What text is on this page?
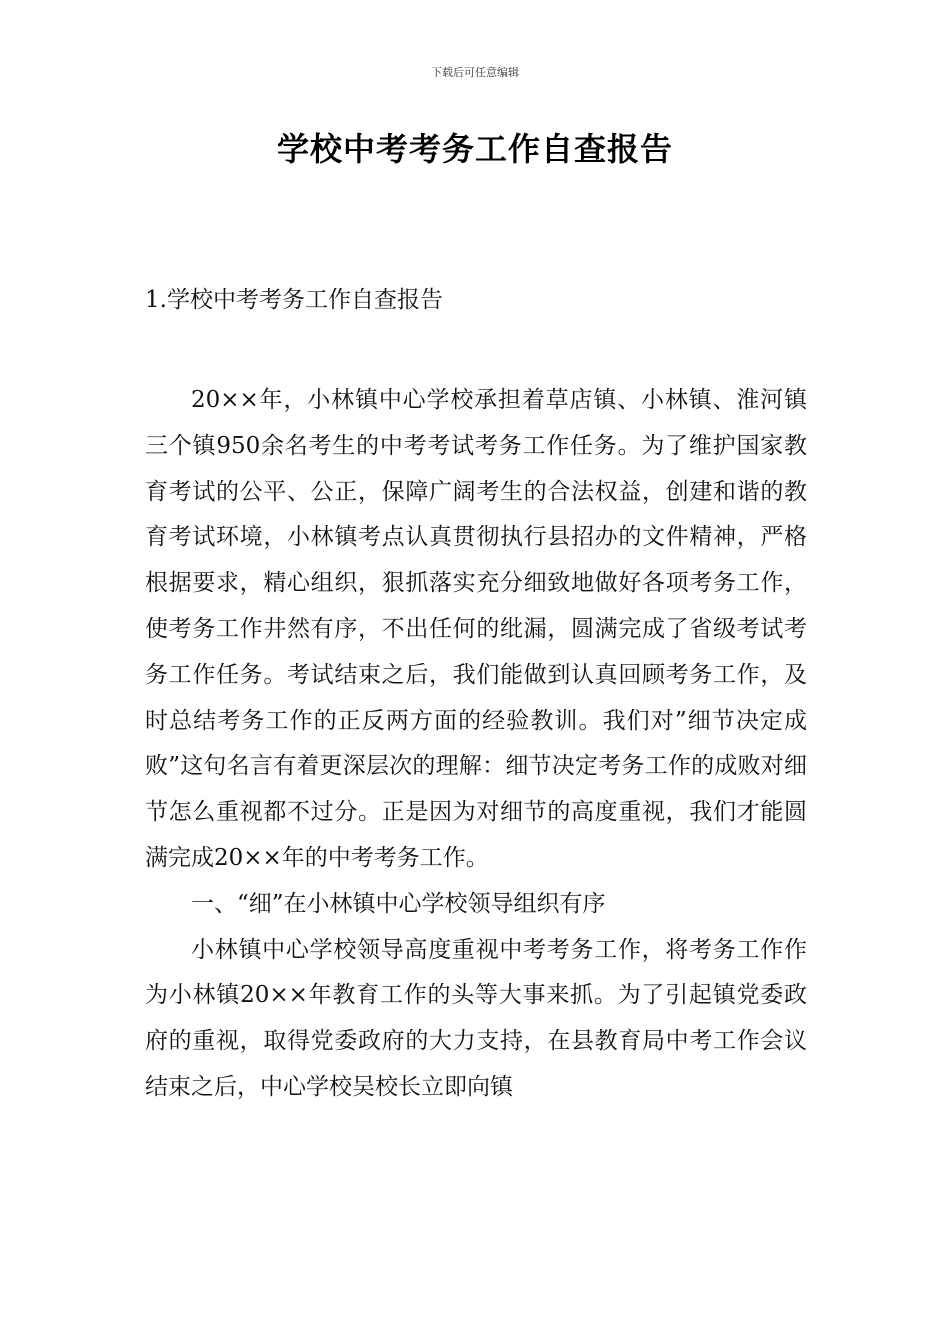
下载后可任意编辑
学校中考考务工作自查报告
1.学校中考考务工作自查报告

20××年，小林镇中心学校承担着草店镇、小林镇、淮河镇三个镇950余名考生的中考考试考务工作任务。为了维护国家教育考试的公平、公正，保障广阔考生的合法权益，创建和谐的教育考试环境，小林镇考点认真贯彻执行县招办的文件精神，严格根据要求，精心组织，狠抓落实充分细致地做好各项考务工作，使考务工作井然有序，不出任何的纰漏，圆满完成了省级考试考务工作任务。考试结束之后，我们能做到认真回顾考务工作，及时总结考务工作的正反两方面的经验教训。我们对”细节决定成败”这句名言有着更深层次的理解：细节决定考务工作的成败对细节怎么重视都不过分。正是因为对细节的高度重视，我们才能圆满完成20××年的中考考务工作。

一、“细”在小林镇中心学校领导组织有序

小林镇中心学校领导高度重视中考考务工作，将考务工作作为小林镇20××年教育工作的头等大事来抓。为了引起镇党委政府的重视，取得党委政府的大力支持，在县教育局中考工作会议结束之后，中心学校吴校长立即向镇
